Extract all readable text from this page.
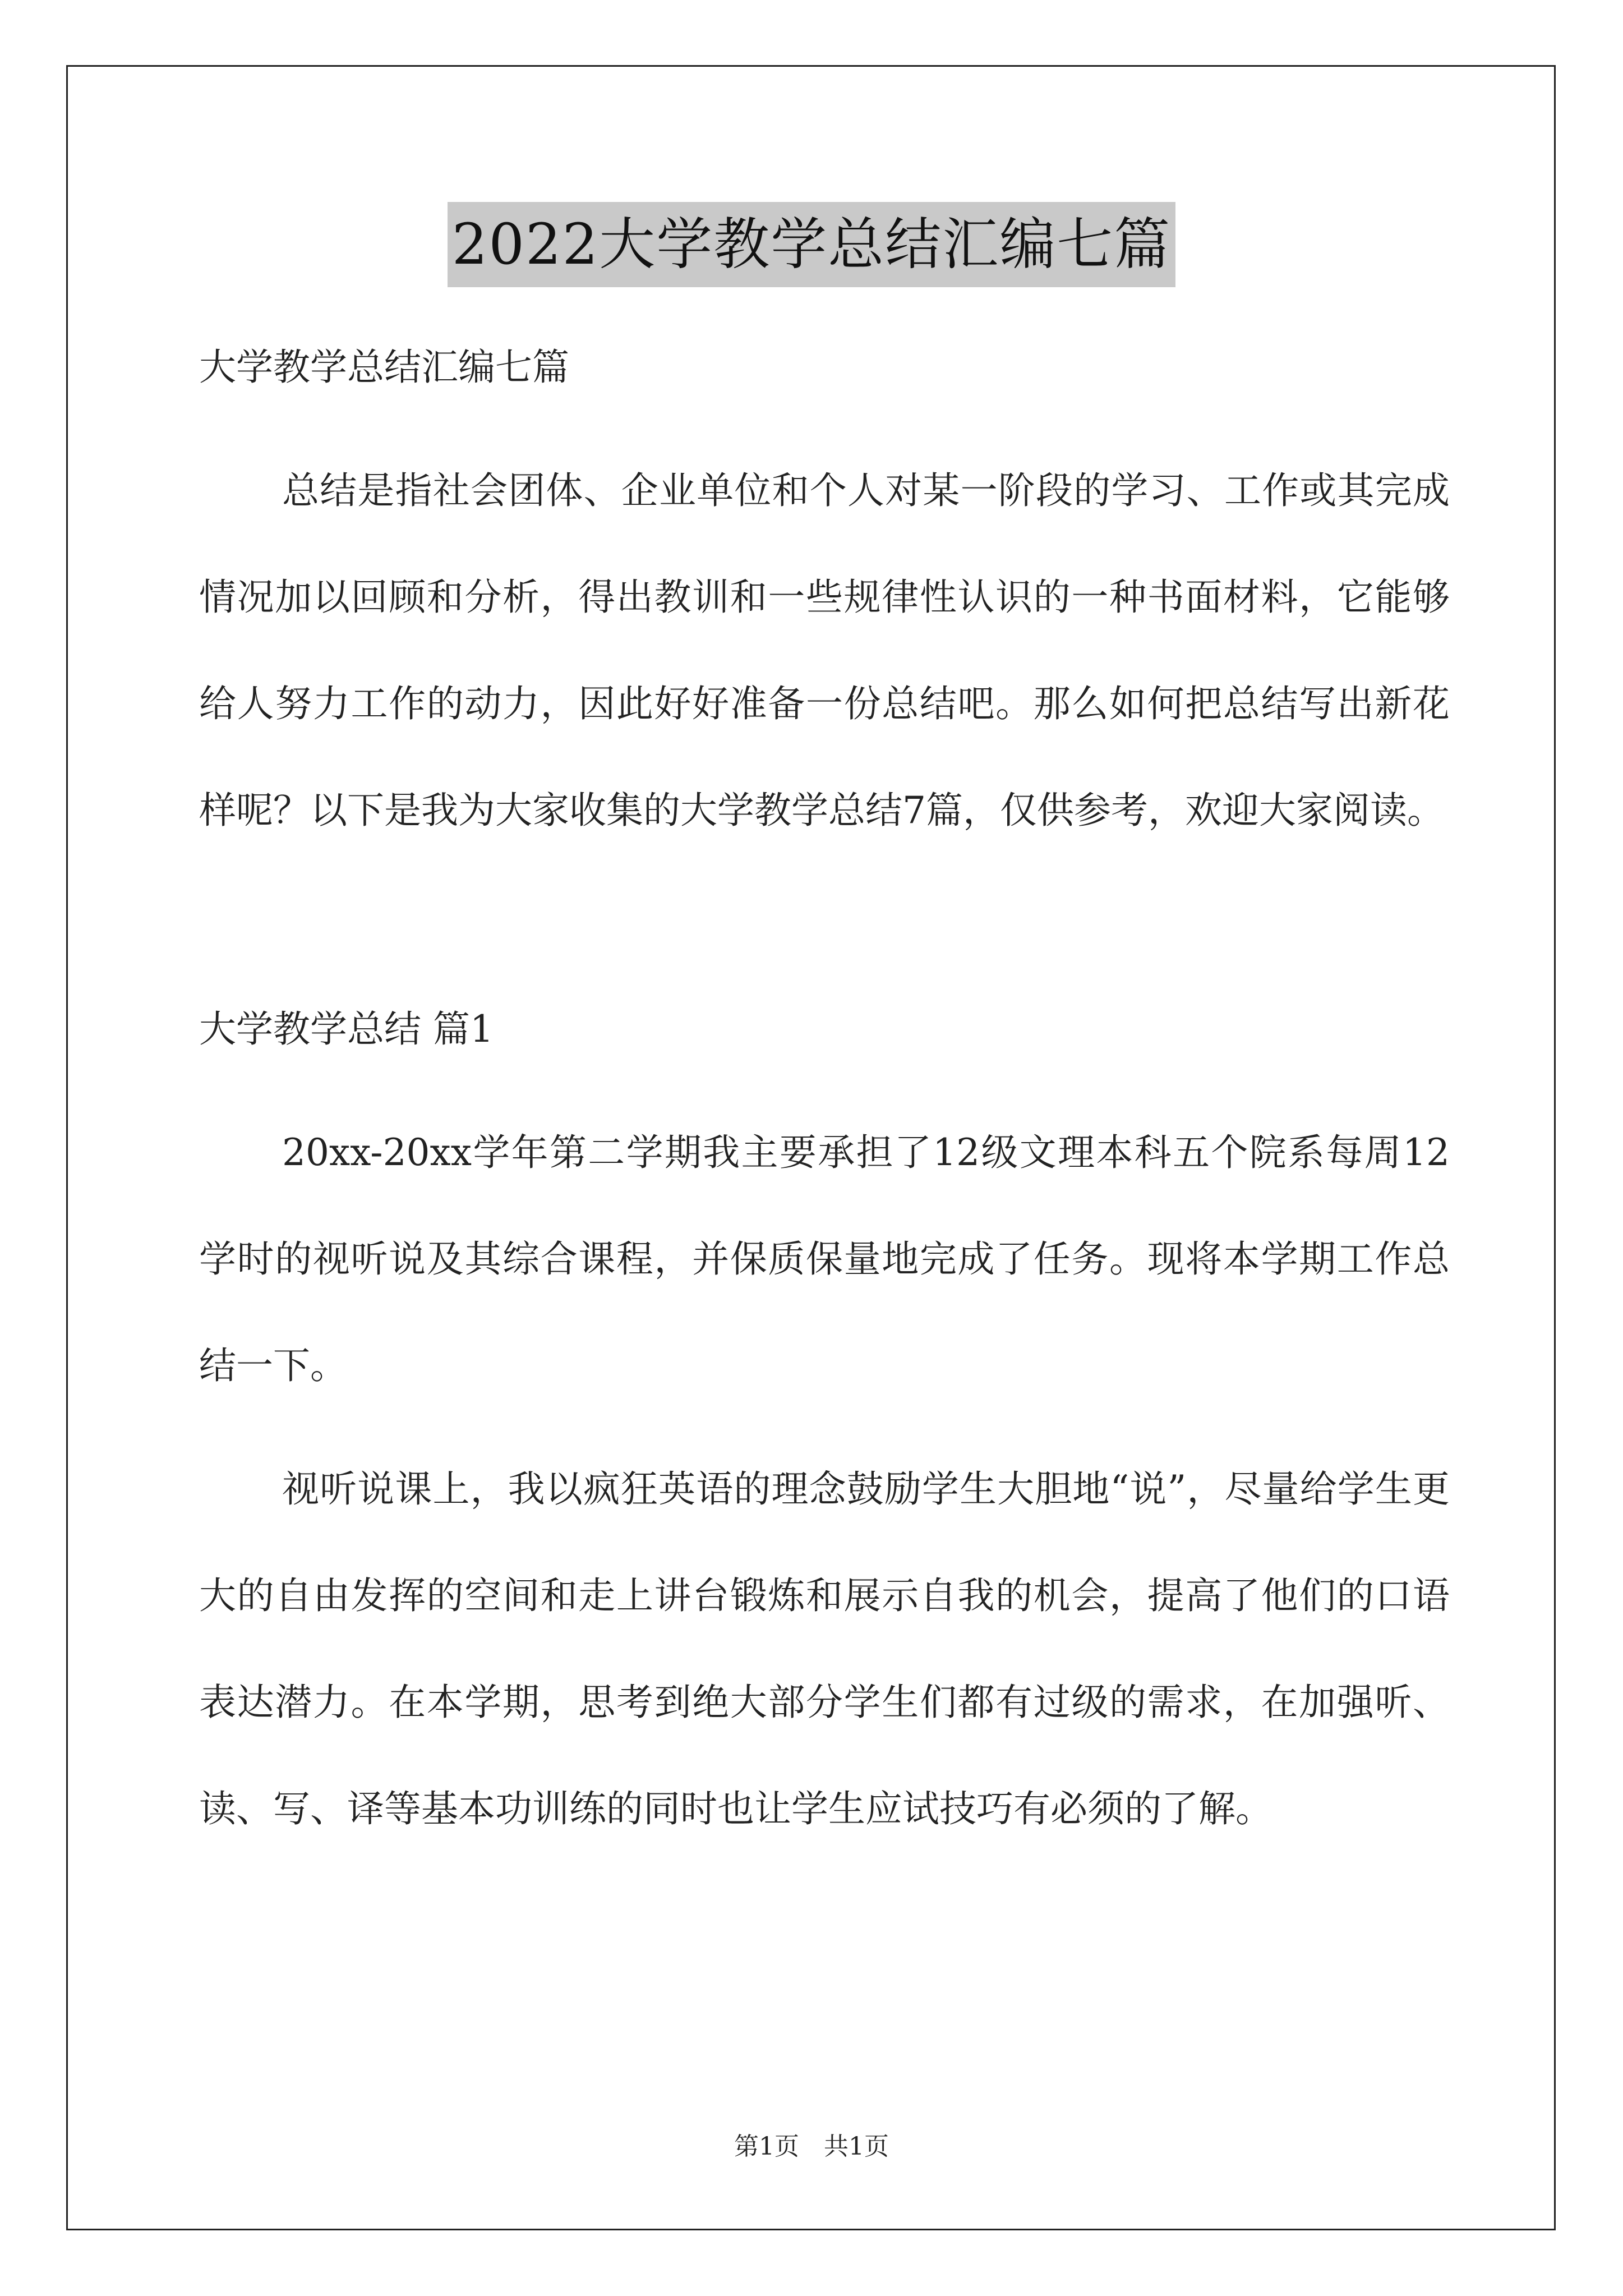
2022大学教学总结汇编七篇

大学教学总结汇编七篇

总结是指社会团体、企业单位和个人对某一阶段的学习、工作或其完成情况加以回顾和分析，得出教训和一些规律性认识的一种书面材料，它能够给人努力工作的动力，因此好好准备一份总结吧。那么如何把总结写出新花样呢？以下是我为大家收集的大学教学总结7篇，仅供参考，欢迎大家阅读。

大学教学总结 篇1

20xx-20xx学年第二学期我主要承担了12级文理本科五个院系每周12学时的视听说及其综合课程，并保质保量地完成了任务。现将本学期工作总结一下。

视听说课上，我以疯狂英语的理念鼓励学生大胆地“说”，尽量给学生更大的自由发挥的空间和走上讲台锻炼和展示自我的机会，提高了他们的口语表达潜力。在本学期，思考到绝大部分学生们都有过级的需求，在加强听、读、写、译等基本功训练的同时也让学生应试技巧有必须的了解。

第1页　共1页
